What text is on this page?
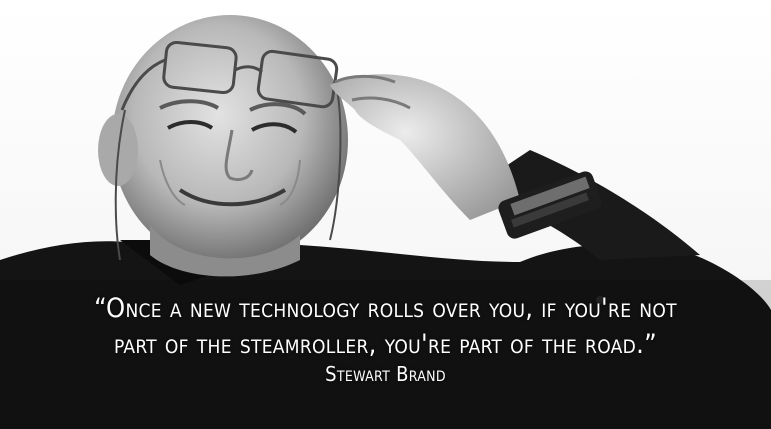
“Once a new technology rolls over you, if you're not
part of the steamroller, you're part of the road.”
Stewart Brand
